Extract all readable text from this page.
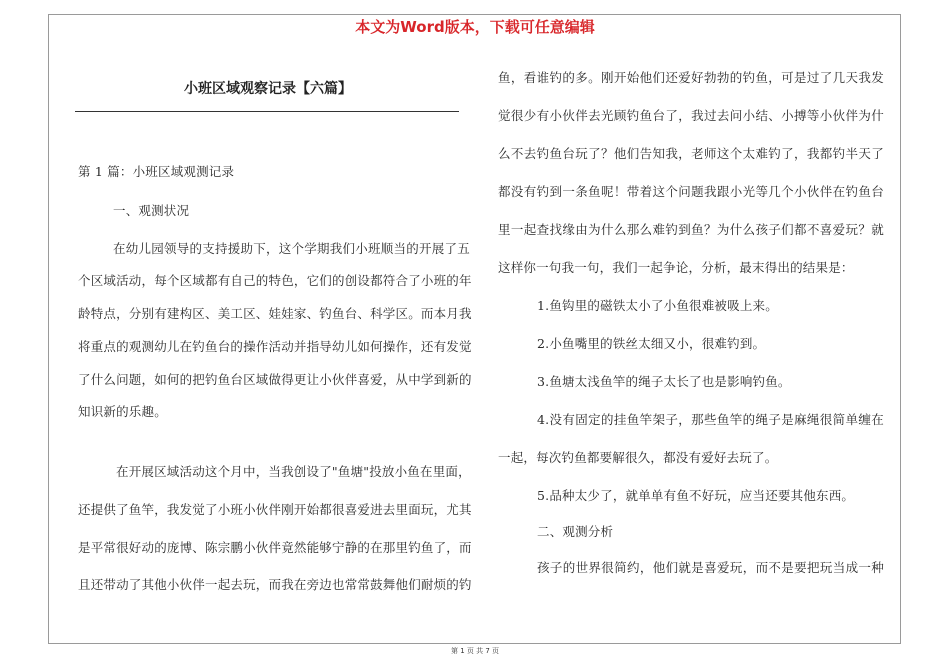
本文为Word版本，下载可任意编辑
小班区域观察记录【六篇】
第 1 篇：小班区域观测记录
一、观测状况
在幼儿园领导的支持援助下，这个学期我们小班顺当的开展了五
个区域活动，每个区域都有自己的特色，它们的创设都符合了小班的年
龄特点，分别有建构区、美工区、娃娃家、钓鱼台、科学区。而本月我
将重点的观测幼儿在钓鱼台的操作活动并指导幼儿如何操作，还有发觉
了什么问题，如何的把钓鱼台区域做得更让小伙伴喜爱，从中学到新的
知识新的乐趣。
在开展区域活动这个月中，当我创设了"鱼塘"投放小鱼在里面，
还提供了鱼竿，我发觉了小班小伙伴刚开始都很喜爱进去里面玩，尤其
是平常很好动的庞博、陈宗鹏小伙伴竟然能够宁静的在那里钓鱼了，而
且还带动了其他小伙伴一起去玩，而我在旁边也常常鼓舞他们耐烦的钓
鱼，看谁钓的多。刚开始他们还爱好勃勃的钓鱼，可是过了几天我发
觉很少有小伙伴去光顾钓鱼台了，我过去问小结、小搏等小伙伴为什
么不去钓鱼台玩了？他们告知我，老师这个太难钓了，我都钓半天了
都没有钓到一条鱼呢！带着这个问题我跟小光等几个小伙伴在钓鱼台
里一起查找缘由为什么那么难钓到鱼？为什么孩子们都不喜爱玩？就
这样你一句我一句，我们一起争论，分析，最末得出的结果是：
1.鱼钩里的磁铁太小了小鱼很难被吸上来。
2.小鱼嘴里的铁丝太细又小，很难钓到。
3.鱼塘太浅鱼竿的绳子太长了也是影响钓鱼。
4.没有固定的挂鱼竿架子，那些鱼竿的绳子是麻绳很简单缠在
一起，每次钓鱼都要解很久，都没有爱好去玩了。
5.品种太少了，就单单有鱼不好玩，应当还要其他东西。
二、观测分析
孩子的世界很简约，他们就是喜爱玩，而不是要把玩当成一种
第 1 页 共 7 页
